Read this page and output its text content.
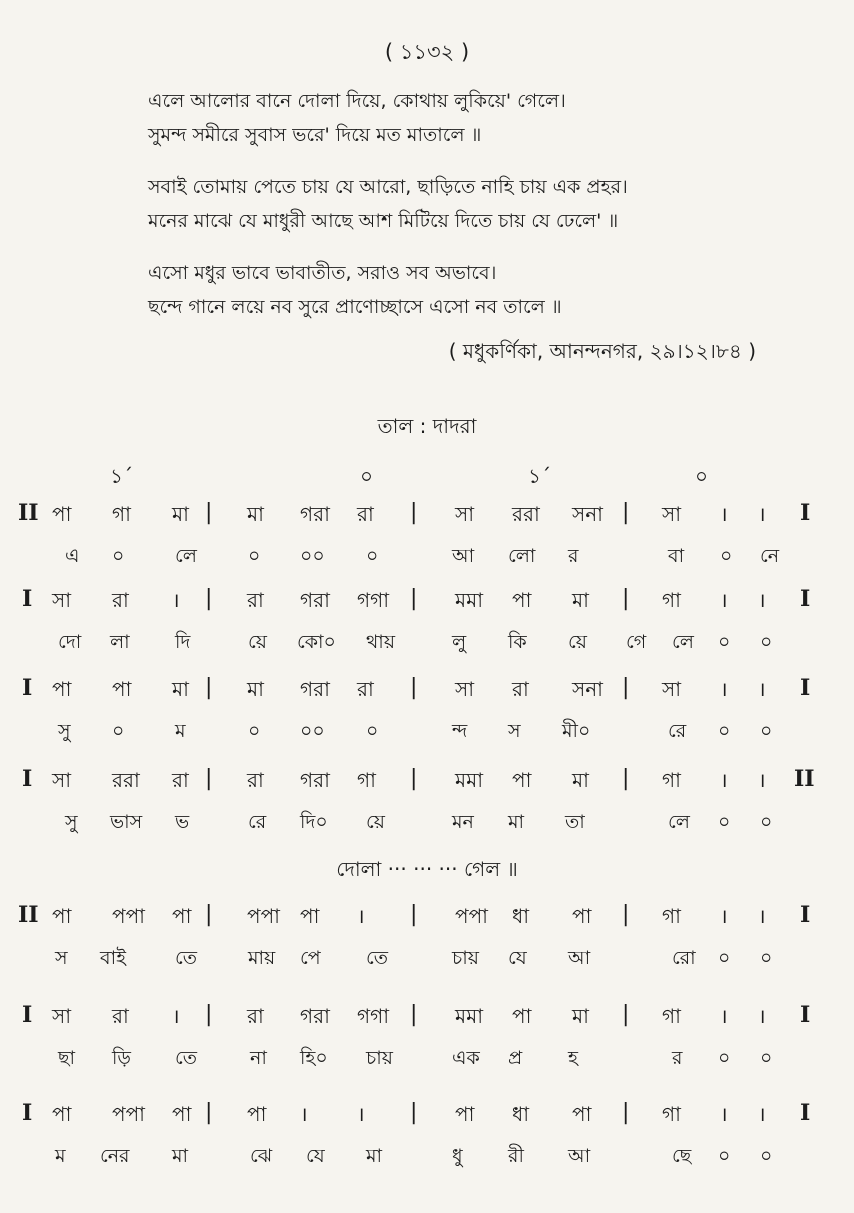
( ১১৩২ )
এলে আলোর বানে দোলা দিয়ে, কোথায় লুকিয়ে' গেলে।
সুমন্দ সমীরে সুবাস ভরে' দিয়ে মত মাতালে ॥
সবাই তোমায় পেতে চায় যে আরো, ছাড়িতে নাহি চায় এক প্রহর।
মনের মাঝে যে মাধুরী আছে আশ মিটিয়ে দিতে চায় যে ঢেলে' ॥
এসো মধুর ভাবে ভাবাতীত, সরাও সব অভাবে।
ছন্দে গানে লয়ে নব সুরে প্রাণোচ্ছাসে এসো নব তালে ॥
( মধুকর্ণিকা, আনন্দনগর, ২৯।১২।৮৪ )
তাল : দাদরা
১´	০	১´	০
II পা গা মা | মা গরা রা | সা ররা সনা | সা । । I
এ ০	লে	০ ০০ ০	আ লো র	বা ০ নে
I সা রা । | রা গরা গগা | মমা পা মা | গা । । I
দো লা দি	য়ে কো০ থায়	লু কি য়ে গে লে ০ ০
I পা পা মা | মা গরা রা | সা রা সনা | সা । । I
সু ০	ম	০ ০০ ০	ন্দ স মী০	রে ০ ০
I সা ররা রা | রা গরা গা | মমা পা মা | গা । । II
সু ভাস ভ	রে দি০ য়ে	মন মা তা	লে ০ ০
II পা পপা পা | পপা পা । | পপা ধা পা | গা । । I
স বাই	তে	মায় পে তে	চায় যে আ	রো ০ ০
I সা রা । | রা গরা গগা | মমা পা মা | গা । । I
ছা ড়ি তে	না হি০ চায়	এক প্র হ	র ০ ০
I পা পপা পা | পা । । | পা ধা পা | গা । । I
ম নের মা	ঝে যে মা	ধু রী আ	ছে ০ ০
দোলা ··· ··· ··· গেল ॥
